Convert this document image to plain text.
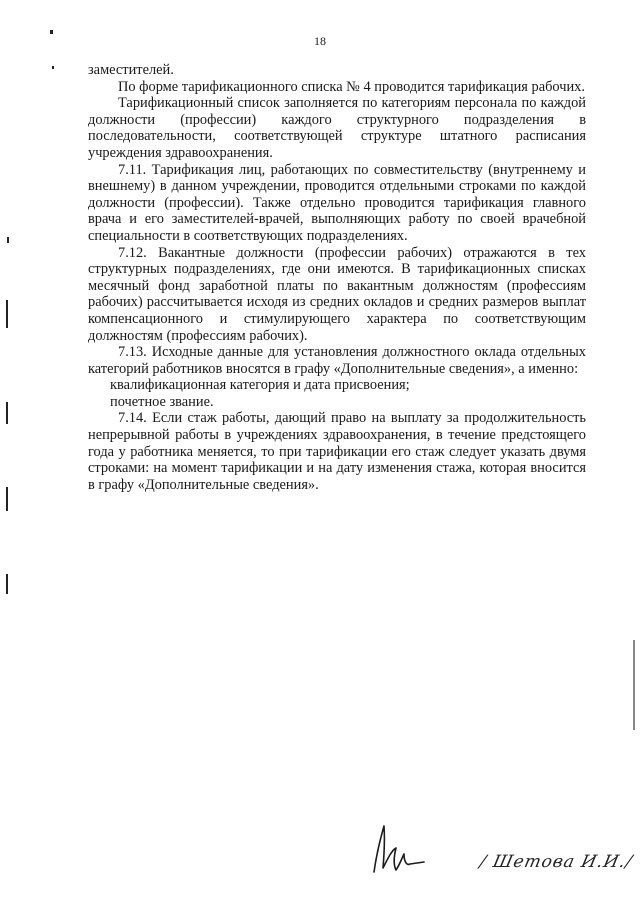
18

заместителей.

По форме тарификационного списка № 4 проводится тарификация рабочих.

Тарификационный список заполняется по категориям персонала по каждой должности (профессии) каждого структурного подразделения в последовательности, соответствующей структуре штатного расписания учреждения здравоохранения.

7.11. Тарификация лиц, работающих по совместительству (внутреннему и внешнему) в данном учреждении, проводится отдельными строками по каждой должности (профессии). Также отдельно проводится тарификация главного врача и его заместителей-врачей, выполняющих работу по своей врачебной специальности в соответствующих подразделениях.

7.12. Вакантные должности (профессии рабочих) отражаются в тех структурных подразделениях, где они имеются. В тарификационных списках месячный фонд заработной платы по вакантным должностям (профессиям рабочих) рассчитывается исходя из средних окладов и средних размеров выплат компенсационного и стимулирующего характера по соответствующим должностям (профессиям рабочих).

7.13. Исходные данные для установления должностного оклада отдельных категорий работников вносятся в графу «Дополнительные сведения», а именно:

квалификационная категория и дата присвоения;

почетное звание.

7.14. Если стаж работы, дающий право на выплату за продолжительность непрерывной работы в учреждениях здравоохранения, в течение предстоящего года у работника меняется, то при тарификации его стаж следует указать двумя строками: на момент тарификации и на дату изменения стажа, которая вносится в графу «Дополнительные сведения».

/ Шетова И.И./
